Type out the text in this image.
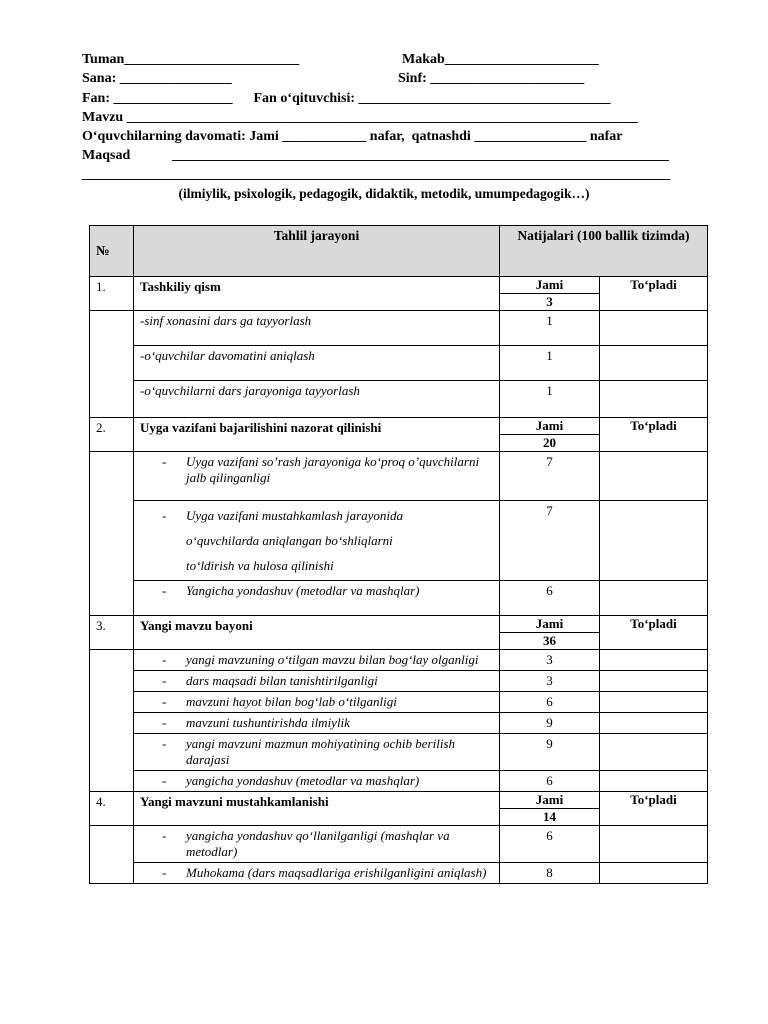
Tuman_________________________	Makab______________________
Sana: ________________	Sinf: ______________________
Fan: _________________      Fan o‘qituvchisi: ____________________________________
Mavzu _________________________________________________________________________
O‘quvchilarning davomati: Jami ____________ nafar,  qatnashdi ________________ nafar
Maqsad	_______________________________________________________________________
____________________________________________________________________________________
(ilmiylik, psixologik, pedagogik, didaktik, metodik, umumpedagogik…)
№	Tahlil jarayoni	Natijalari (100 ballik tizimda)	
1.	Tashkiliy qism	Jami	To‘pladi
		3	
	-sinf xonasini dars ga tayyorlash	1	
	-o‘quvchilar davomatini aniqlash	1	
	-o‘quvchilarni dars jarayoniga tayyorlash	1	
2.	Uyga vazifani bajarilishini nazorat qilinishi	Jami	To‘pladi
		20	
	- Uyga vazifani so’rash jarayoniga ko‘proq o’quvchilarni jalb qilinganligi	7	
	- Uyga vazifani mustahkamlash jarayonida
o‘quvchilarda aniqlangan bo‘shliqlarni
to‘ldirish va hulosa qilinishi	7	
	- Yangicha yondashuv (metodlar va mashqlar)	6	
3.	Yangi mavzu bayoni	Jami	To‘pladi
		36	
	- yangi mavzuning o‘tilgan mavzu bilan bog‘lay olganligi	3	
	- dars maqsadi bilan tanishtirilganligi	3	
	- mavzuni hayot bilan bog‘lab o‘tilganligi	6	
	- mavzuni tushuntirishda ilmiylik	9	
	- yangi mavzuni mazmun mohiyatining ochib berilish darajasi	9	
	- yangicha yondashuv (metodlar va mashqlar)	6	
4.	Yangi mavzuni mustahkamlanishi	Jami	To‘pladi
		14	
	- yangicha yondashuv qo‘llanilganligi (mashqlar va metodlar)	6	
	- Muhokama (dars maqsadlariga erishilganligini aniqlash)	8	
